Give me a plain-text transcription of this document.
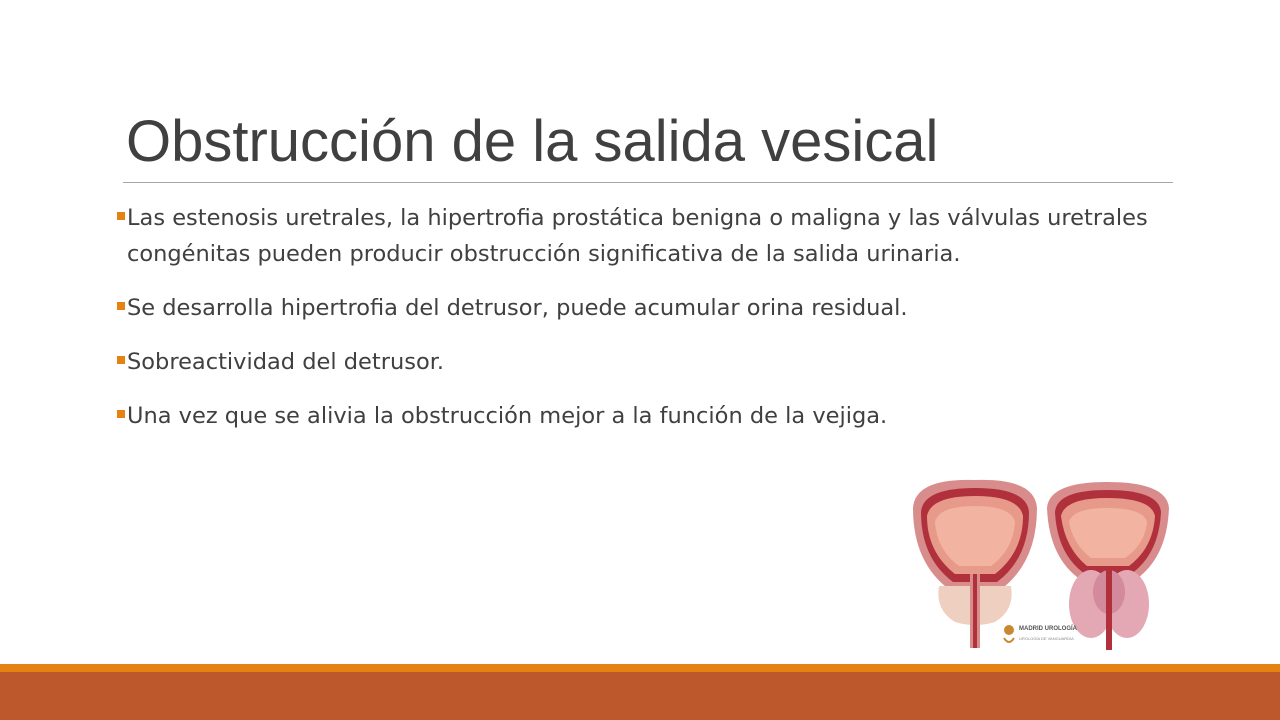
Obstrucción de la salida vesical
Las estenosis uretrales, la hipertrofia prostática benigna o maligna y las válvulas uretrales congénitas pueden producir obstrucción significativa de la salida urinaria.
Se desarrolla hipertrofia del detrusor, puede acumular orina residual.
Sobreactividad del detrusor.
Una vez que se alivia la obstrucción mejor a la función de la vejiga.
MADRID UROLOGÍA
UROLOGÍA DE VANGUARDIA
